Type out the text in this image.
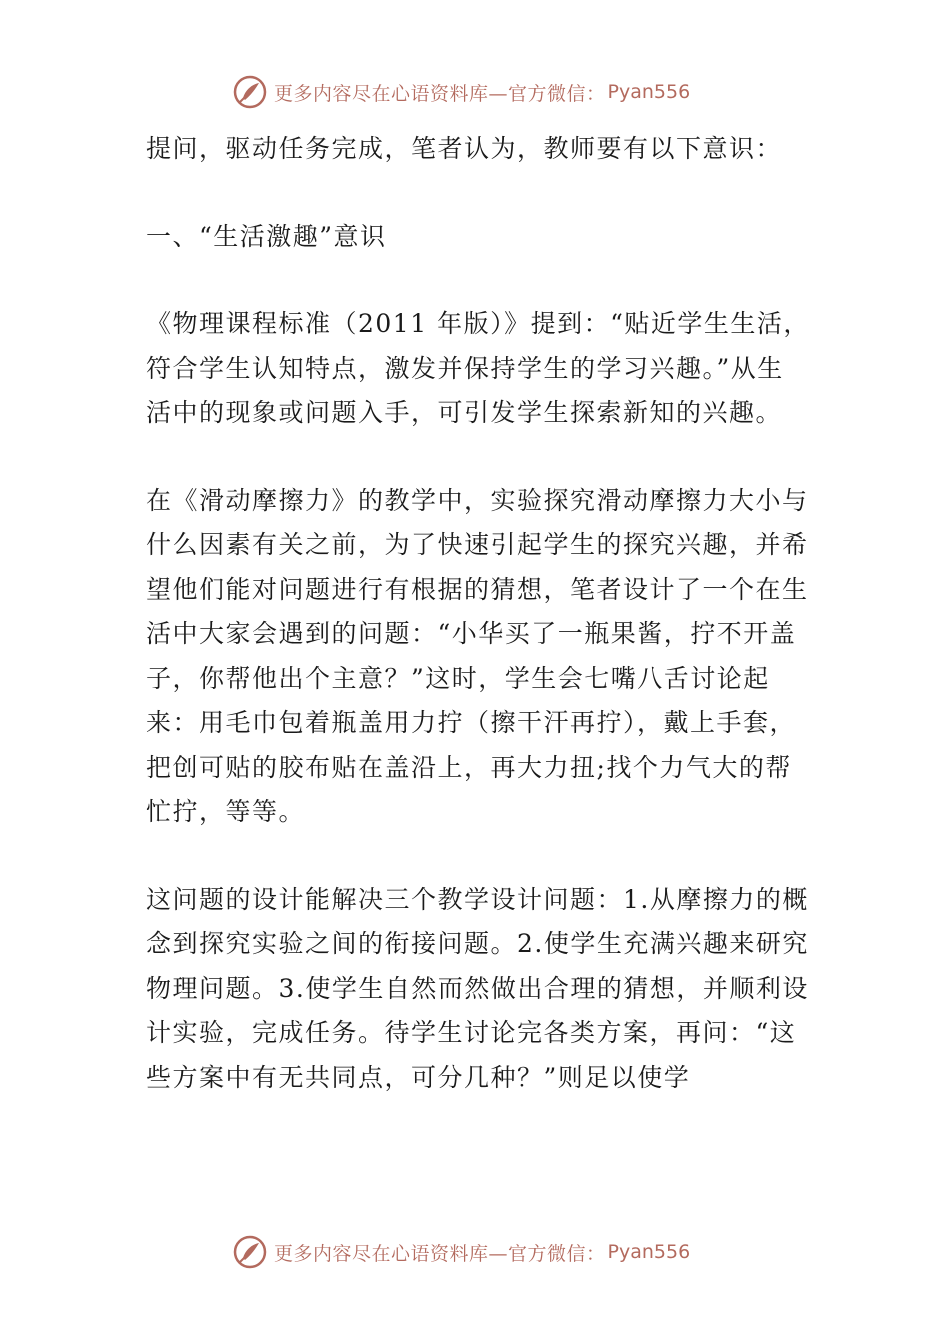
更多内容尽在心语资料库—官方微信： Pyan556

提问，驱动任务完成，笔者认为，教师要有以下意识：

一、“生活激趣”意识

《物理课程标准（2011 年版）》提到：“贴近学生生活，符合学生认知特点，激发并保持学生的学习兴趣。”从生活中的现象或问题入手，可引发学生探索新知的兴趣。

在《滑动摩擦力》的教学中，实验探究滑动摩擦力大小与什么因素有关之前，为了快速引起学生的探究兴趣，并希望他们能对问题进行有根据的猜想，笔者设计了一个在生活中大家会遇到的问题：“小华买了一瓶果酱，拧不开盖子，你帮他出个主意？”这时，学生会七嘴八舌讨论起来：用毛巾包着瓶盖用力拧（擦干汗再拧），戴上手套，把创可贴的胶布贴在盖沿上，再大力扭;找个力气大的帮忙拧，等等。

这问题的设计能解决三个教学设计问题：1.从摩擦力的概念到探究实验之间的衔接问题。2.使学生充满兴趣来研究物理问题。3.使学生自然而然做出合理的猜想，并顺利设计实验，完成任务。待学生讨论完各类方案，再问：“这些方案中有无共同点，可分几种？”则足以使学

更多内容尽在心语资料库—官方微信： Pyan556
